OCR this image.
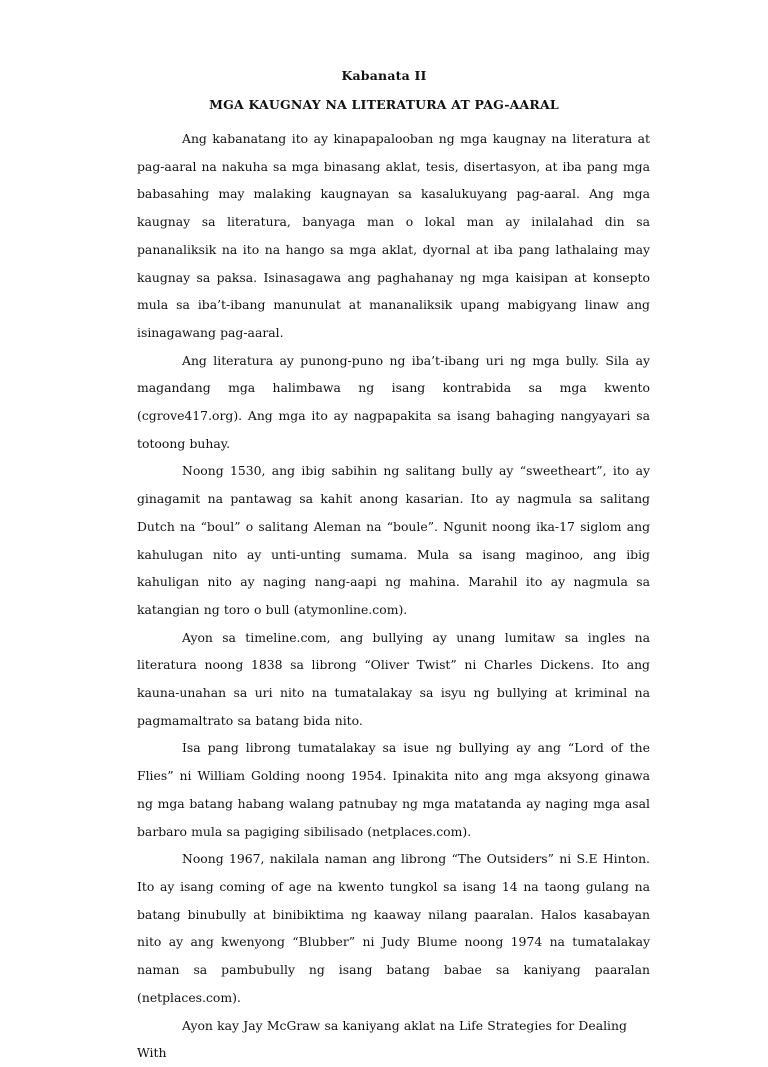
Kabanata II
MGA KAUGNAY NA LITERATURA AT PAG-AARAL

Ang kabanatang ito ay kinapapalooban ng mga kaugnay na literatura at pag-aaral na nakuha sa mga binasang aklat, tesis, disertasyon, at iba pang mga babasahing may malaking kaugnayan sa kasalukuyang pag-aaral. Ang mga kaugnay sa literatura, banyaga man o lokal man ay inilalahad din sa pananaliksik na ito na hango sa mga aklat, dyornal at iba pang lathalaing may kaugnay sa paksa. Isinasagawa ang paghahanay ng mga kaisipan at konsepto mula sa iba’t-ibang manunulat at mananaliksik upang mabigyang linaw ang isinagawang pag-aaral.

Ang literatura ay punong-puno ng iba’t-ibang uri ng mga bully. Sila ay magandang mga halimbawa ng isang kontrabida sa mga kwento (cgrove417.org). Ang mga ito ay nagpapakita sa isang bahaging nangyayari sa totoong buhay.

Noong 1530, ang ibig sabihin ng salitang bully ay “sweetheart”, ito ay ginagamit na pantawag sa kahit anong kasarian. Ito ay nagmula sa salitang Dutch na “boul” o salitang Aleman na “boule”. Ngunit noong ika-17 siglom ang kahulugan nito ay unti-unting sumama. Mula sa isang maginoo, ang ibig kahuligan nito ay naging nang-aapi ng mahina. Marahil ito ay nagmula sa katangian ng toro o bull (atymonline.com).

Ayon sa timeline.com, ang bullying ay unang lumitaw sa ingles na literatura noong 1838 sa librong “Oliver Twist” ni Charles Dickens. Ito ang kauna-unahan sa uri nito na tumatalakay sa isyu ng bullying at kriminal na pagmamaltrato sa batang bida nito.

Isa pang librong tumatalakay sa isue ng bullying ay ang “Lord of the Flies” ni William Golding noong 1954. Ipinakita nito ang mga aksyong ginawa ng mga batang habang walang patnubay ng mga matatanda ay naging mga asal barbaro mula sa pagiging sibilisado (netplaces.com).

Noong 1967, nakilala naman ang librong “The Outsiders” ni S.E Hinton. Ito ay isang coming of age na kwento tungkol sa isang 14 na taong gulang na batang binubully at binibiktima ng kaaway nilang paaralan. Halos kasabayan nito ay ang kwenyong “Blubber” ni Judy Blume noong 1974 na tumatalakay naman sa pambubully ng isang batang babae sa kaniyang paaralan (netplaces.com).

Ayon kay Jay McGraw sa kaniyang aklat na Life Strategies for Dealing With
